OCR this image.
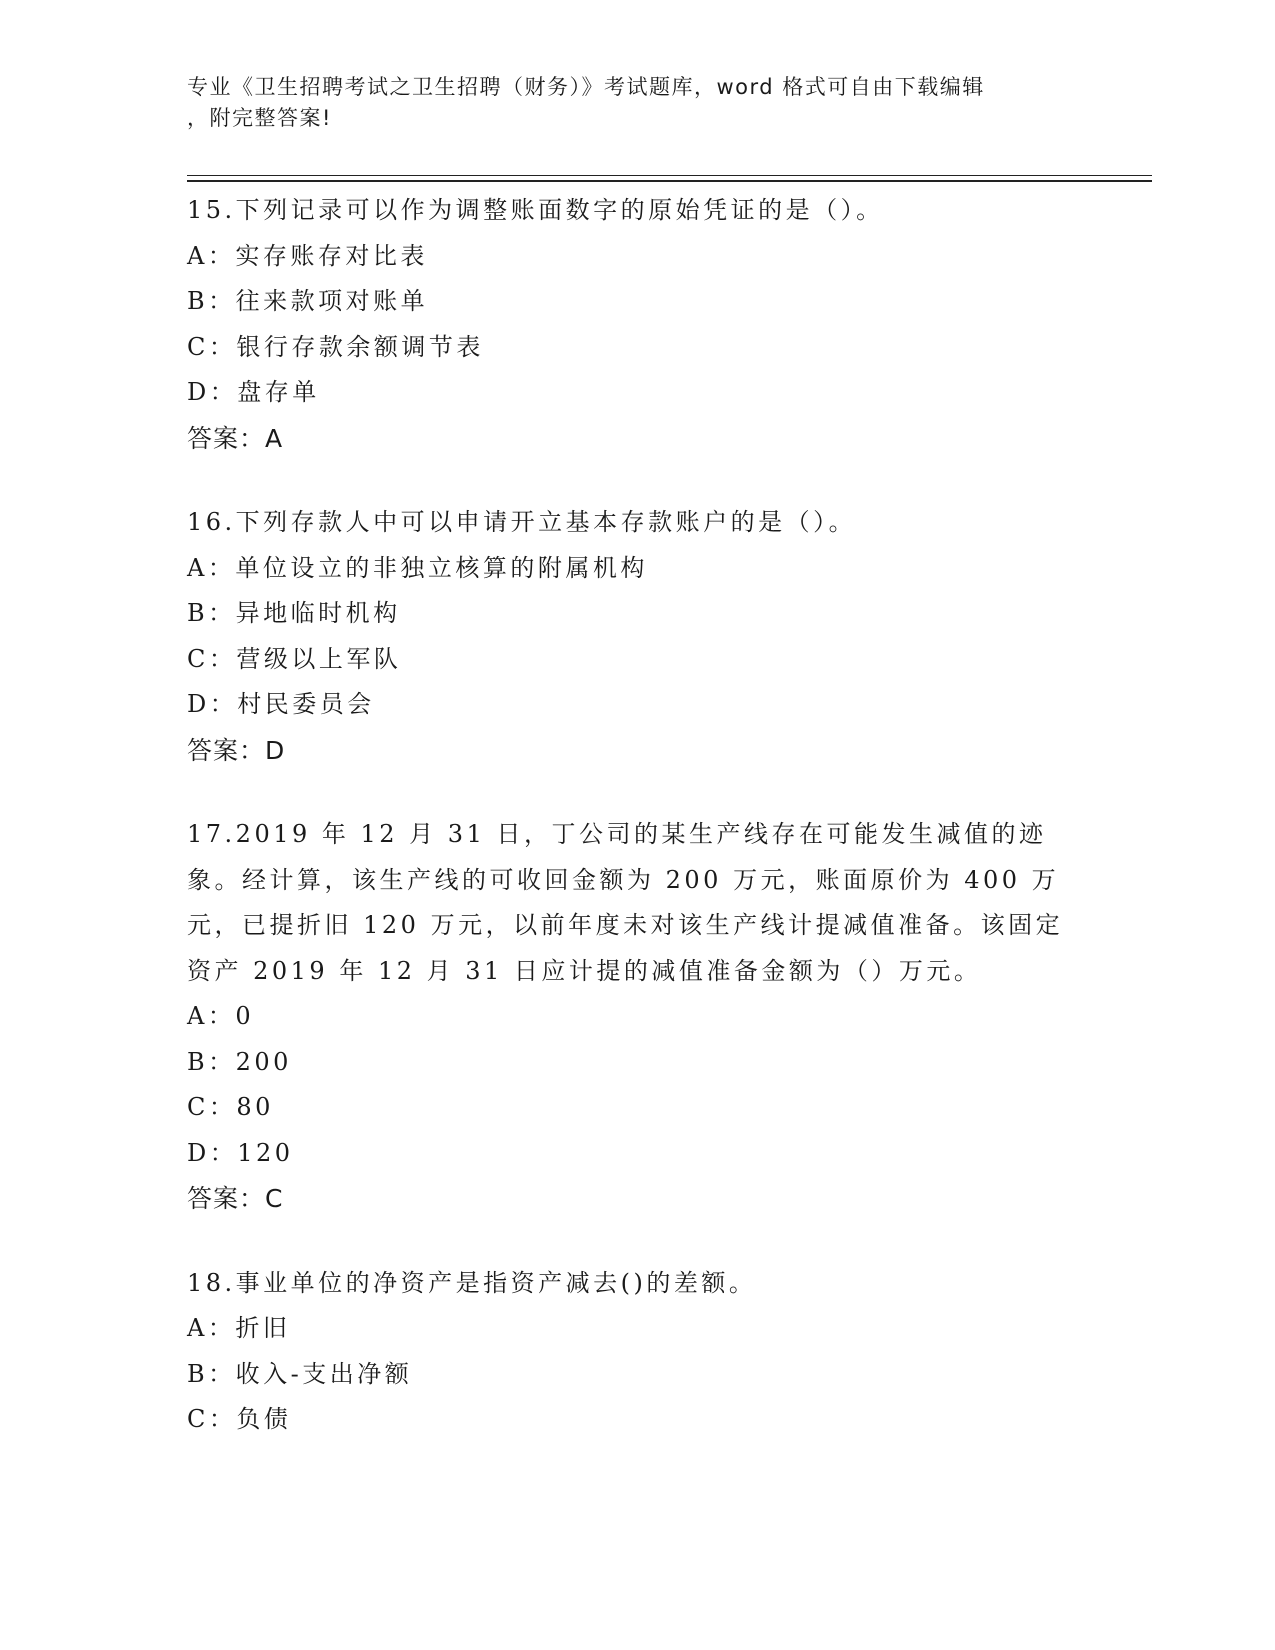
专业《卫生招聘考试之卫生招聘（财务）》考试题库，word 格式可自由下载编辑
，附完整答案!

15.下列记录可以作为调整账面数字的原始凭证的是（）。

A：实存账存对比表

B：往来款项对账单

C：银行存款余额调节表

D：盘存单

答案：A

16.下列存款人中可以申请开立基本存款账户的是（）。

A：单位设立的非独立核算的附属机构

B：异地临时机构

C：营级以上军队

D：村民委员会

答案：D

17.2019 年 12 月 31 日，丁公司的某生产线存在可能发生减值的迹象。经计算，该生产线的可收回金额为 200 万元，账面原价为 400 万元，已提折旧 120 万元，以前年度未对该生产线计提减值准备。该固定资产 2019 年 12 月 31 日应计提的减值准备金额为（）万元。

A：0

B：200

C：80

D：120

答案：C

18.事业单位的净资产是指资产减去()的差额。

A：折旧

B：收入-支出净额

C：负债
